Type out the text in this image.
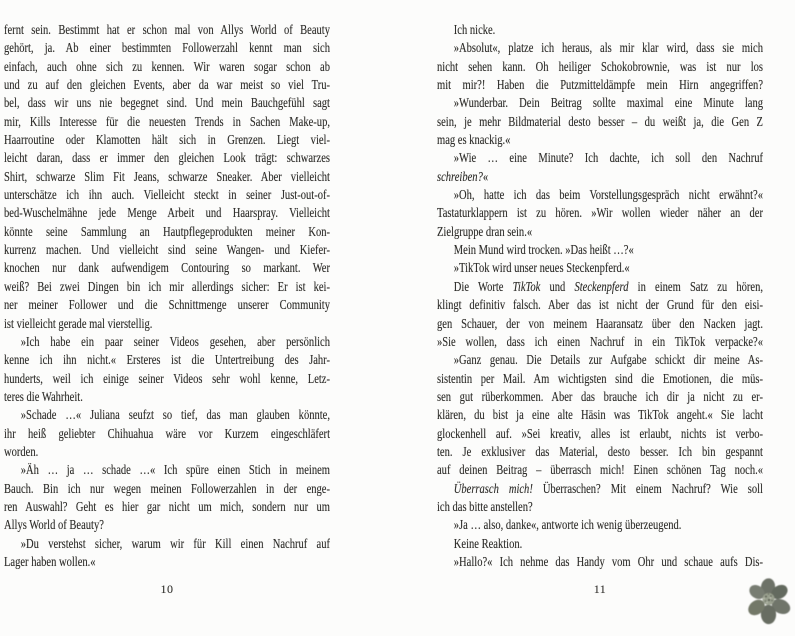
fernt sein. Bestimmt hat er schon mal von Allys World of Beauty
gehört, ja. Ab einer bestimmten Followerzahl kennt man sich
einfach, auch ohne sich zu kennen. Wir waren sogar schon ab
und zu auf den gleichen Events, aber da war meist so viel Tru-
bel, dass wir uns nie begegnet sind. Und mein Bauchgefühl sagt
mir, Kills Interesse für die neuesten Trends in Sachen Make-up,
Haarroutine oder Klamotten hält sich in Grenzen. Liegt viel-
leicht daran, dass er immer den gleichen Look trägt: schwarzes
Shirt, schwarze Slim Fit Jeans, schwarze Sneaker. Aber vielleicht
unterschätze ich ihn auch. Vielleicht steckt in seiner Just-out-of-
bed-Wuschelmähne jede Menge Arbeit und Haarspray. Vielleicht
könnte seine Sammlung an Hautpflegeprodukten meiner Kon-
kurrenz machen. Und vielleicht sind seine Wangen- und Kiefer-
knochen nur dank aufwendigem Contouring so markant. Wer
weiß? Bei zwei Dingen bin ich mir allerdings sicher: Er ist kei-
ner meiner Follower und die Schnittmenge unserer Community
ist vielleicht gerade mal vierstellig.
»Ich habe ein paar seiner Videos gesehen, aber persönlich
kenne ich ihn nicht.« Ersteres ist die Untertreibung des Jahr-
hunderts, weil ich einige seiner Videos sehr wohl kenne, Letz-
teres die Wahrheit.
»Schade …« Juliana seufzt so tief, das man glauben könnte,
ihr heiß geliebter Chihuahua wäre vor Kurzem eingeschläfert
worden.
»Äh … ja … schade …« Ich spüre einen Stich in meinem
Bauch. Bin ich nur wegen meinen Followerzahlen in der enge-
ren Auswahl? Geht es hier gar nicht um mich, sondern nur um
Allys World of Beauty?
»Du verstehst sicher, warum wir für Kill einen Nachruf auf
Lager haben wollen.«
Ich nicke.
»Absolut«, platze ich heraus, als mir klar wird, dass sie mich
nicht sehen kann. Oh heiliger Schokobrownie, was ist nur los
mit mir?! Haben die Putzmitteldämpfe mein Hirn angegriffen?
»Wunderbar. Dein Beitrag sollte maximal eine Minute lang
sein, je mehr Bildmaterial desto besser – du weißt ja, die Gen Z
mag es knackig.«
»Wie … eine Minute? Ich dachte, ich soll den Nachruf
schreiben?«
»Oh, hatte ich das beim Vorstellungsgespräch nicht erwähnt?«
Tastaturklappern ist zu hören. »Wir wollen wieder näher an der
Zielgruppe dran sein.«
Mein Mund wird trocken. »Das heißt …?«
»TikTok wird unser neues Steckenpferd.«
Die Worte TikTok und Steckenpferd in einem Satz zu hören,
klingt definitiv falsch. Aber das ist nicht der Grund für den eisi-
gen Schauer, der von meinem Haaransatz über den Nacken jagt.
»Sie wollen, dass ich einen Nachruf in ein TikTok verpacke?«
»Ganz genau. Die Details zur Aufgabe schickt dir meine As-
sistentin per Mail. Am wichtigsten sind die Emotionen, die müs-
sen gut rüberkommen. Aber das brauche ich dir ja nicht zu er-
klären, du bist ja eine alte Häsin was TikTok angeht.« Sie lacht
glockenhell auf. »Sei kreativ, alles ist erlaubt, nichts ist verbo-
ten. Je exklusiver das Material, desto besser. Ich bin gespannt
auf deinen Beitrag – überrasch mich! Einen schönen Tag noch.«
Überrasch mich! Überraschen? Mit einem Nachruf? Wie soll
ich das bitte anstellen?
»Ja … also, danke«, antworte ich wenig überzeugend.
Keine Reaktion.
»Hallo?« Ich nehme das Handy vom Ohr und schaue aufs Dis-
10	11
